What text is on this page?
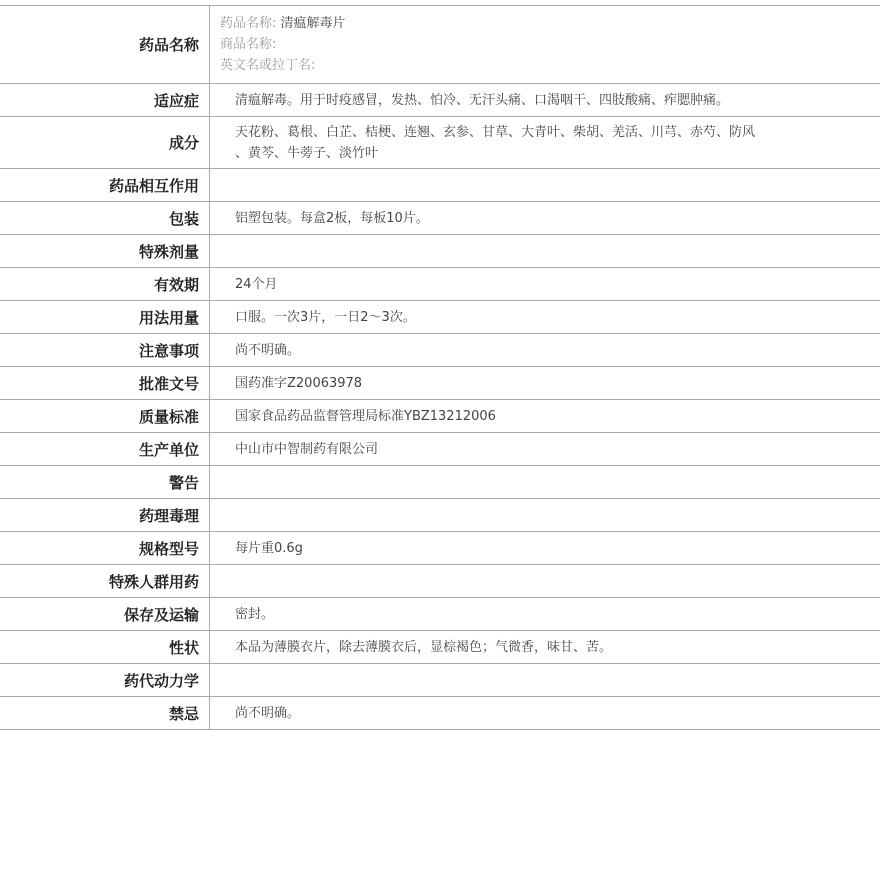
药品名称	药品名称: 清瘟解毒片
商品名称:
英文名或拉丁名:

适应症	清瘟解毒。用于时疫感冒，发热、怕冷、无汗头痛、口渴咽干、四肢酸痛、痄腮肿痛。
成分	天花粉、葛根、白芷、桔梗、连翘、玄参、甘草、大青叶、柴胡、羌活、川芎、赤芍、防风
、黄芩、牛蒡子、淡竹叶

药品相互作用	
包装	铝塑包装。每盒2板，每板10片。
特殊剂量	
有效期	24个月
用法用量	口服。一次3片，一日2～3次。
注意事项	尚不明确。
批准文号	国药准字Z20063978
质量标准	国家食品药品监督管理局标准YBZ13212006
生产单位	中山市中智制药有限公司
警告	
药理毒理	
规格型号	每片重0.6g
特殊人群用药	
保存及运输	密封。
性状	本品为薄膜衣片，除去薄膜衣后，显棕褐色；气微香，味甘、苦。
药代动力学	
禁忌	尚不明确。
